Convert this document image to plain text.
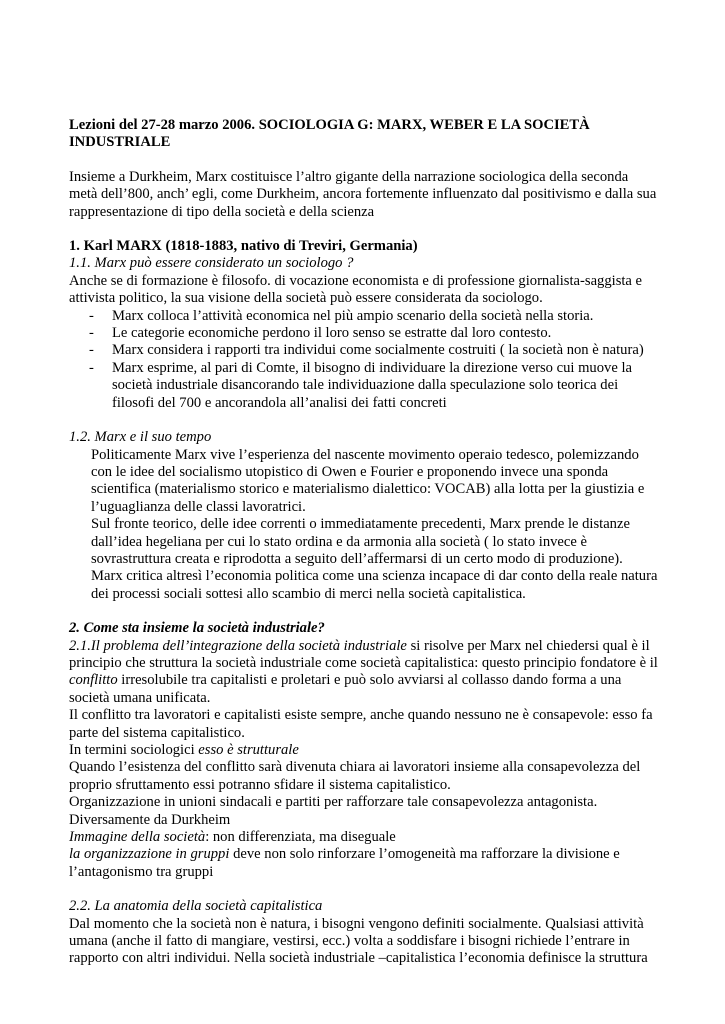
Lezioni del 27-28 marzo 2006. SOCIOLOGIA G: MARX, WEBER E LA SOCIETÀ INDUSTRIALE

Insieme a Durkheim, Marx costituisce l’altro gigante della narrazione sociologica della seconda metà dell’800, anch’ egli, come Durkheim, ancora fortemente influenzato dal positivismo e dalla sua rappresentazione di tipo della società e della scienza

1. Karl MARX (1818-1883, nativo di Treviri, Germania)

1.1. Marx può essere considerato un sociologo ?

Anche se di formazione è filosofo. di vocazione economista e di professione giornalista-saggista e attivista politico, la sua visione della società può essere considerata da sociologo.

- Marx colloca l’attività economica nel più ampio scenario della società nella storia.
- Le categorie economiche perdono il loro senso se estratte dal loro contesto.
- Marx considera i rapporti tra individui come socialmente costruiti ( la società non è natura)
- Marx esprime, al pari di Comte, il bisogno di individuare la direzione verso cui muove la società industriale disancorando tale individuazione dalla speculazione solo teorica dei filosofi del 700 e ancorandola all’analisi dei fatti concreti

1.2. Marx e il suo tempo

Politicamente Marx vive l’esperienza del nascente movimento operaio tedesco, polemizzando con le idee del socialismo utopistico di Owen e Fourier e proponendo invece una sponda scientifica (materialismo storico e materialismo dialettico: VOCAB) alla lotta per la giustizia e l’uguaglianza delle classi lavoratrici.

Sul fronte teorico, delle idee correnti o immediatamente precedenti, Marx prende le distanze dall’idea hegeliana per cui lo stato ordina e da armonia alla società ( lo stato invece è sovrastruttura creata e riprodotta a seguito dell’affermarsi di un certo modo di produzione).

Marx critica altresì l’economia politica come una scienza incapace di dar conto della reale natura dei processi sociali sottesi allo scambio di merci nella società capitalistica.

2. Come sta insieme la società industriale?

2.1.Il problema dell’integrazione della società industriale si risolve per Marx nel chiedersi qual è il principio che struttura la società industriale come società capitalistica: questo principio fondatore è il conflitto irresolubile tra capitalisti e proletari e può solo avviarsi al collasso dando forma a una società umana unificata.

Il conflitto tra lavoratori e capitalisti esiste sempre, anche quando nessuno ne è consapevole: esso fa parte del sistema capitalistico.

In termini sociologici esso è strutturale

Quando l’esistenza del conflitto sarà divenuta chiara ai lavoratori insieme alla consapevolezza del proprio sfruttamento essi potranno sfidare il sistema capitalistico.

Organizzazione in unioni sindacali e partiti per rafforzare tale consapevolezza antagonista.

Diversamente da Durkheim

Immagine della società: non differenziata, ma diseguale

la organizzazione in gruppi deve non solo rinforzare l’omogeneità ma rafforzare la divisione e l’antagonismo tra gruppi

2.2. La anatomia della società capitalistica

Dal momento che la società non è natura, i bisogni vengono definiti socialmente. Qualsiasi attività umana (anche il fatto di mangiare, vestirsi, ecc.) volta a soddisfare i bisogni richiede l’entrare in rapporto con altri individui. Nella società industriale –capitalistica l’economia definisce la struttura
